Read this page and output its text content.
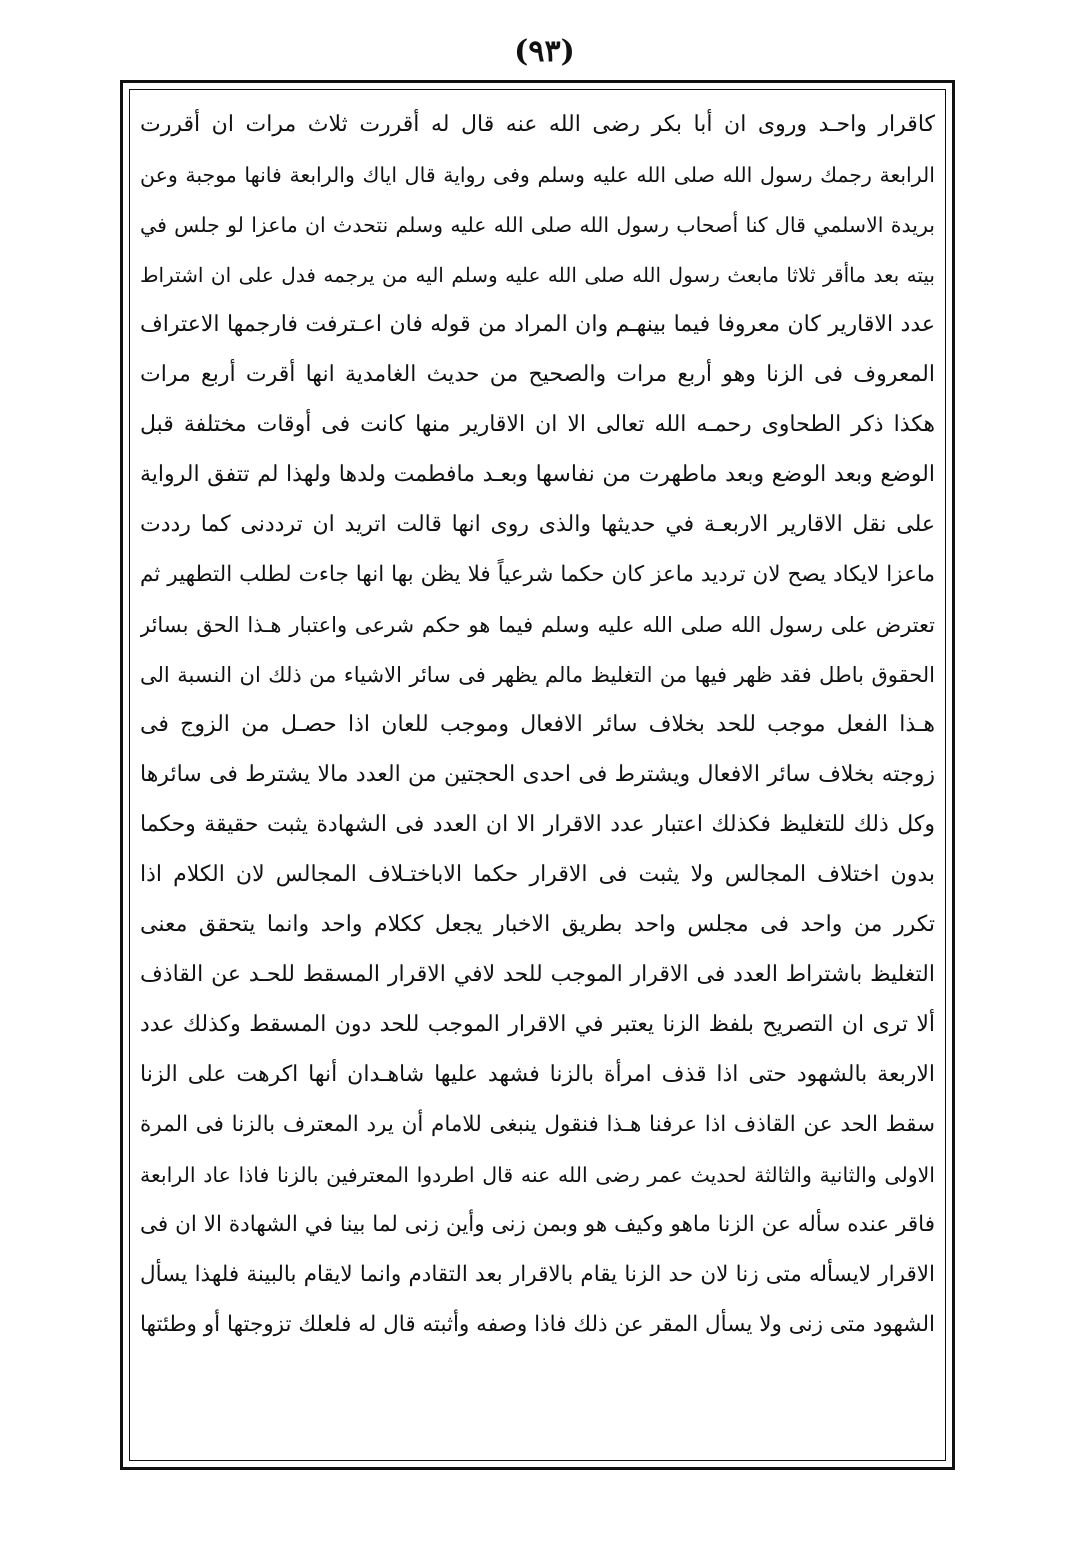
(٩٣)
كاقرار واحـد وروى ان أبا بكر رضى الله عنه قال له أقررت ثلاث مرات ان أقررت
الرابعة رجمك رسول الله صلى الله عليه وسلم وفى رواية قال اياك والرابعة فانها موجبة وعن
بريدة الاسلمي قال كنا أصحاب رسول الله صلى الله عليه وسلم نتحدث ان ماعزا لو جلس في
بيته بعد ماأقر ثلاثا مابعث رسول الله صلى الله عليه وسلم اليه من يرجمه فدل على ان اشتراط
عدد الاقارير كان معروفا فيما بينهـم وان المراد من قوله فان اعـترفت فارجمها الاعتراف
المعروف فى الزنا وهو أربع مرات والصحيح من حديث الغامدية انها أقرت أربع مرات
هكذا ذكر الطحاوى رحمـه الله تعالى الا ان الاقارير منها كانت فى أوقات مختلفة قبل
الوضع وبعد الوضع وبعد ماطهرت من نفاسها وبعـد مافطمت ولدها ولهذا لم تتفق الرواية
على نقل الاقارير الاربعـة في حديثها والذى روى انها قالت اتريد ان ترددنى كما رددت
ماعزا لايكاد يصح لان ترديد ماعز كان حكما شرعياً فلا يظن بها انها جاءت لطلب التطهير ثم
تعترض على رسول الله صلى الله عليه وسلم فيما هو حكم شرعى واعتبار هـذا الحق بسائر
الحقوق باطل فقد ظهر فيها من التغليظ مالم يظهر فى سائر الاشياء من ذلك ان النسبة الى
هـذا الفعل موجب للحد بخلاف سائر الافعال وموجب للعان اذا حصـل من الزوج فى
زوجته بخلاف سائر الافعال ويشترط فى احدى الحجتين من العدد مالا يشترط فى سائرها
وكل ذلك للتغليظ فكذلك اعتبار عدد الاقرار الا ان العدد فى الشهادة يثبت حقيقة وحكما
بدون اختلاف المجالس ولا يثبت فى الاقرار حكما الاباختـلاف المجالس لان الكلام اذا
تكرر من واحد فى مجلس واحد بطريق الاخبار يجعل ككلام واحد وانما يتحقق معنى
التغليظ باشتراط العدد فى الاقرار الموجب للحد لافي الاقرار المسقط للحـد عن القاذف
ألا ترى ان التصريح بلفظ الزنا يعتبر في الاقرار الموجب للحد دون المسقط وكذلك عدد
الاربعة بالشهود حتى اذا قذف امرأة بالزنا فشهد عليها شاهـدان أنها اكرهت على الزنا
سقط الحد عن القاذف اذا عرفنا هـذا فنقول ينبغى للامام أن يرد المعترف بالزنا فى المرة
الاولى والثانية والثالثة لحديث عمر رضى الله عنه قال اطردوا المعترفين بالزنا فاذا عاد الرابعة
فاقر عنده سأله عن الزنا ماهو وكيف هو وبمن زنى وأين زنى لما بينا في الشهادة الا ان فى
الاقرار لايسأله متى زنا لان حد الزنا يقام بالاقرار بعد التقادم وانما لايقام بالبينة فلهذا يسأل
الشهود متى زنى ولا يسأل المقر عن ذلك فاذا وصفه وأثبته قال له فلعلك تزوجتها أو وطئتها
